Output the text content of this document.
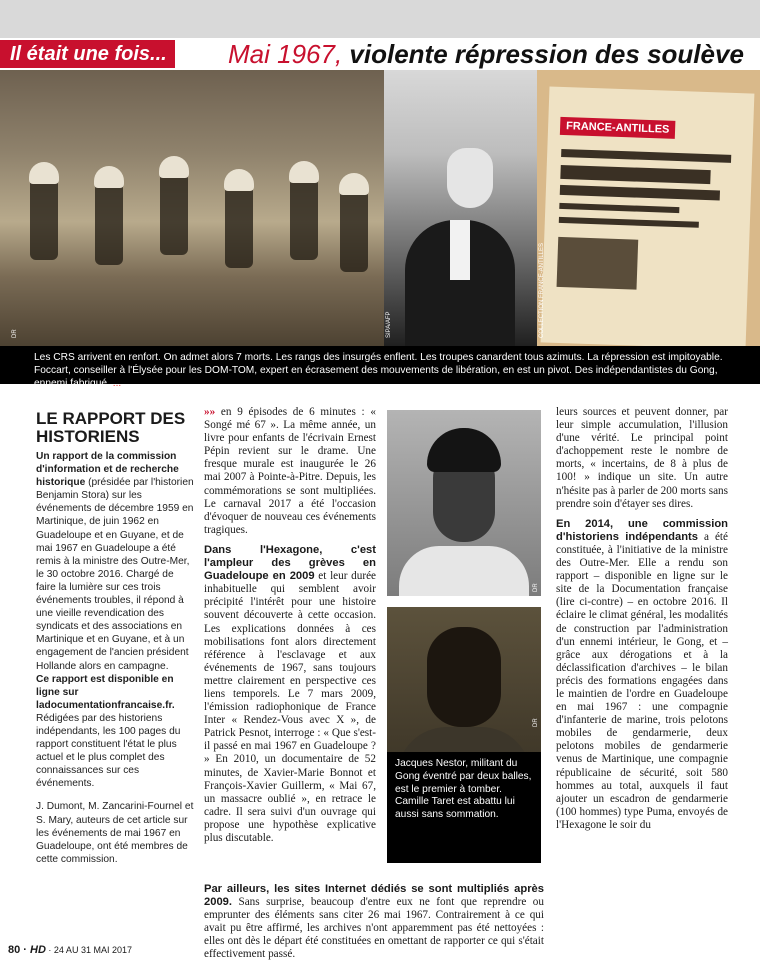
Il était une fois...	Mai 1967, violente répression des soulève
DR	SIPA/AFP
FRANCE-ANTILLES
COLLECTION FRANCE-ANTILLES
Les CRS arrivent en renfort. On admet alors 7 morts. Les rangs des insurgés enflent. Les troupes canardent tous azimuts. La répression est impitoyable. Foccart, conseiller à l'Élysée pour les DOM-TOM, expert en écrasement des mouvements de libération, en est un pivot. Des indépendantistes du Gong, ennemi fabriqué, ...
LE RAPPORT DES HISTORIENS

Un rapport de la commission d'information et de recherche historique (présidée par l'historien Benjamin Stora) sur les événements de décembre 1959 en Martinique, de juin 1962 en Guadeloupe et en Guyane, et de mai 1967 en Guadeloupe a été remis à la ministre des Outre-Mer, le 30 octobre 2016. Chargé de faire la lumière sur ces trois événements troubles, il répond à une vieille revendication des syndicats et des associations en Martinique et en Guyane, et à un engagement de l'ancien président Hollande alors en campagne.

Ce rapport est disponible en ligne sur ladocumentationfrancaise.fr. Rédigées par des historiens indépendants, les 100 pages du rapport constituent l'état le plus actuel et le plus complet des connaissances sur ces événements.

J. Dumont, M. Zancarini-Fournel et S. Mary, auteurs de cet article sur les événements de mai 1967 en Guadeloupe, ont été membres de cette commission.

»» en 9 épisodes de 6 minutes : « Songé mé 67 ». La même année, un livre pour enfants de l'écrivain Ernest Pépin revient sur le drame. Une fresque murale est inaugurée le 26 mai 2007 à Pointe-à-Pitre. Depuis, les commémorations se sont multipliées. Le carnaval 2017 a été l'occasion d'évoquer de nouveau ces événements tragiques.

Dans l'Hexagone, c'est l'ampleur des grèves en Guadeloupe en 2009 et leur durée inhabituelle qui semblent avoir précipité l'intérêt pour une histoire souvent découverte à cette occasion. Les explications données à ces mobilisations font alors directement référence à l'esclavage et aux événements de 1967, sans toujours mettre clairement en perspective ces liens temporels. Le 7 mars 2009, l'émission radiophonique de France Inter « Rendez-Vous avec X », de Patrick Pesnot, interroge : « Que s'est-il passé en mai 1967 en Guadeloupe ? » En 2010, un documentaire de 52 minutes, de Xavier-Marie Bonnot et François-Xavier Guillerm, « Mai 67, un massacre oublié », en retrace le cadre. Il sera suivi d'un ouvrage qui propose une hypothèse explicative plus discutable.

Par ailleurs, les sites Internet dédiés se sont multipliés après 2009. Sans surprise, beaucoup d'entre eux ne font que reprendre ou emprunter des éléments sans citer 26 mai 1967. Contrairement à ce qui avait pu être affirmé, les archives n'ont apparemment pas été nettoyées : elles ont dès le départ été constituées en omettant de rapporter ce qui s'était effectivement passé.
DR
DR
Jacques Nestor, militant du Gong éventré par deux balles, est le premier à tomber. Camille Taret est abattu lui aussi sans sommation.

leurs sources et peuvent donner, par leur simple accumulation, l'illusion d'une vérité. Le principal point d'achoppement reste le nombre de morts, « incertains, de 8 à plus de 100! » indique un site. Un autre n'hésite pas à parler de 200 morts sans prendre soin d'étayer ses dires.

En 2014, une commission d'historiens indépendants a été constituée, à l'initiative de la ministre des Outre-Mer. Elle a rendu son rapport – disponible en ligne sur le site de la Documentation française (lire ci-contre) – en octobre 2016. Il éclaire le climat général, les modalités de construction par l'administration d'un ennemi intérieur, le Gong, et – grâce aux dérogations et à la déclassification d'archives – le bilan précis des formations engagées dans le maintien de l'ordre en Guadeloupe en mai 1967 : une compagnie d'infanterie de marine, trois pelotons mobiles de gendarmerie, deux pelotons mobiles de gendarmerie venus de Martinique, une compagnie républicaine de sécurité, soit 580 hommes au total, auxquels il faut ajouter un escadron de gendarmerie (100 hommes) type Puma, envoyés de l'Hexagone le soir du

80 · HD · 24 AU 31 MAI 2017
